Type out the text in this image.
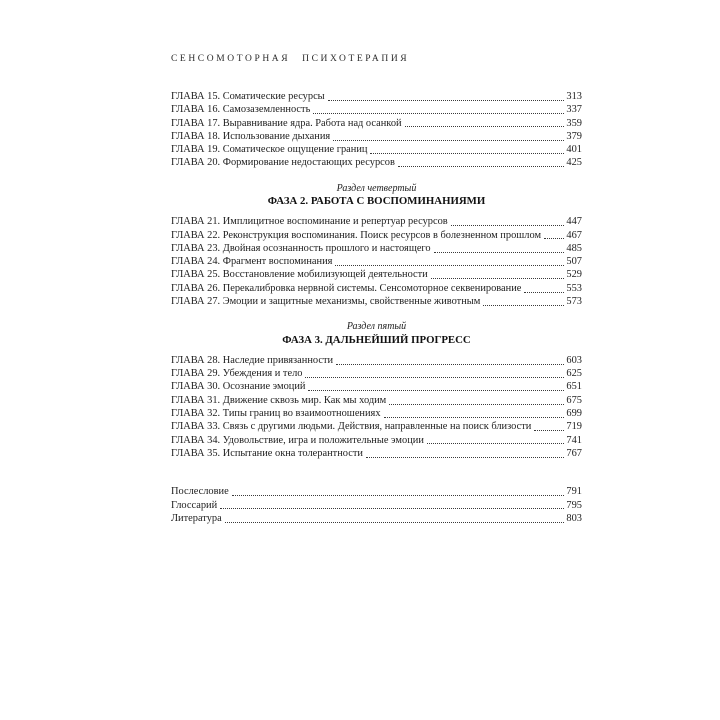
СЕНСОМОТОРНАЯ ПСИХОТЕРАПИЯ
ГЛАВА 15. Соматические ресурсы	313
ГЛАВА 16. Самозаземленность	337
ГЛАВА 17. Выравнивание ядра. Работа над осанкой	359
ГЛАВА 18. Использование дыхания	379
ГЛАВА 19. Соматическое ощущение границ	401
ГЛАВА 20. Формирование недостающих ресурсов	425
Раздел четвертый
ФАЗА 2. РАБОТА С ВОСПОМИНАНИЯМИ
ГЛАВА 21. Имплицитное воспоминание и репертуар ресурсов	447
ГЛАВА 22. Реконструкция воспоминания. Поиск ресурсов в болезненном прошлом 467
ГЛАВА 23. Двойная осознанность прошлого и настоящего	485
ГЛАВА 24. Фрагмент воспоминания	507
ГЛАВА 25. Восстановление мобилизующей деятельности	529
ГЛАВА 26. Перекалибровка нервной системы. Сенсомоторное секвенирование	553
ГЛАВА 27. Эмоции и защитные механизмы, свойственные животным	573
Раздел пятый
ФАЗА 3. ДАЛЬНЕЙШИЙ ПРОГРЕСС
ГЛАВА 28. Наследие привязанности	603
ГЛАВА 29. Убеждения и тело	625
ГЛАВА 30. Осознание эмоций	651
ГЛАВА 31. Движение сквозь мир. Как мы ходим	675
ГЛАВА 32. Типы границ во взаимоотношениях	699
ГЛАВА 33. Связь с другими людьми. Действия, направленные на поиск близости	719
ГЛАВА 34. Удовольствие, игра и положительные эмоции	741
ГЛАВА 35. Испытание окна толерантности	767
Послесловие	791
Глоссарий	795
Литература	803
